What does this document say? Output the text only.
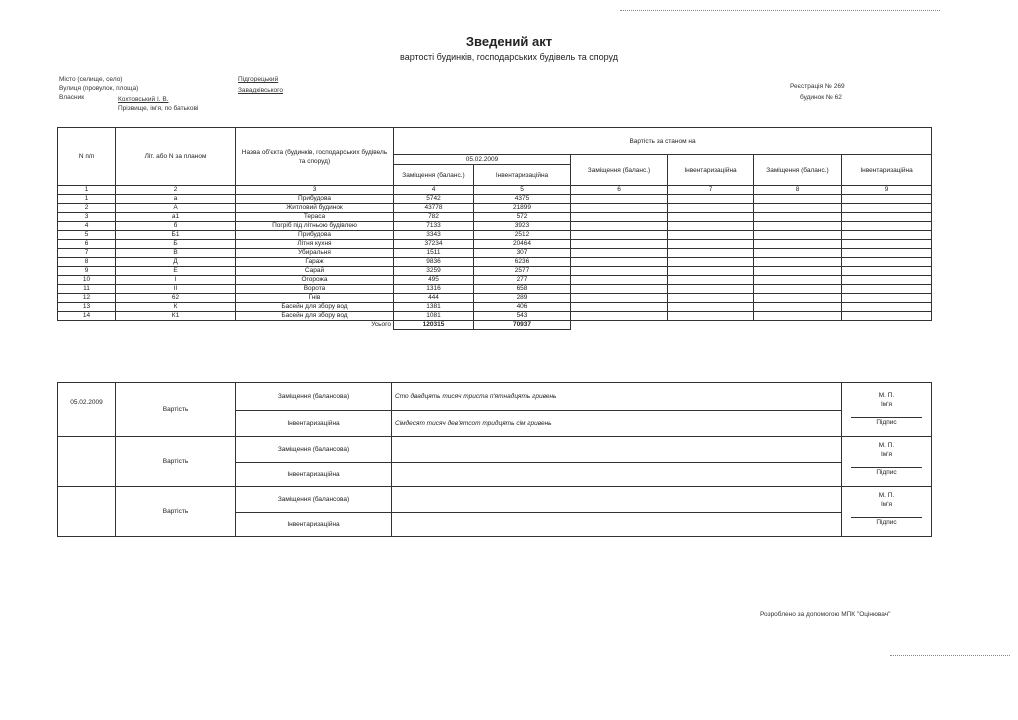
Зведений акт
вартості будинків, господарських будівель та споруд
Місто (селище, село)
Вулиця (провулок, площа)
Власник
Прізвище, ім'я, по батькові
Підгорецький
Завадківського
Кохтовський І. В.
Реєстрація № 269
будинок № 62
N п/п	Літ. або N за планом	Назва об'єкта (будинків, господарських будівель та споруд)	Вартість за станом на					
			05.02.2009		Заміщення (баланс.)	Інвентаризаційна	Заміщення (баланс.)	Інвентаризаційна
			Заміщення (баланс.)	Інвентаризаційна				
1	2	3	4	5	6	7	8	9
1	а	Прибудова	5742	4375				
2	А	Житловий будинок	43778	21899				
3	а1	Тераса	782	572				
4	б	Погріб під літньою будівлею	7133	3923				
5	Б1	Прибудова	3343	2512				
6	Б	Літня кухня	37234	20464				
7	В	Убиральня	1511	307				
8	Д	Гараж	9836	6236				
9	Е	Сарай	3259	2577				
10	І	Огорожа	495	277				
11	ІІ	Ворота	1316	658				
12	62	Гнів	444	289				
13	К	Басейн для збору вод	1381	406				
14	К1	Басейн для збору вод	1081	543				
		Усього	120315	70937				
05.02.2009	Вартість	Заміщення (балансова)	Сто двадцять тисяч триста п'ятнадцять гривень	М. П.
Ім'я
Підпис

		Інвентаризаційна	Сімдесят тисяч дев'ятсот тридцять сім гривень	
	Вартість	Заміщення (балансова)		М. П.
Ім'я
Підпис

		Інвентаризаційна		
	Вартість	Заміщення (балансова)		М. П.
Ім'я
Підпис

		Інвентаризаційна		
Розроблено за допомогою МПК "Оцінювач"
